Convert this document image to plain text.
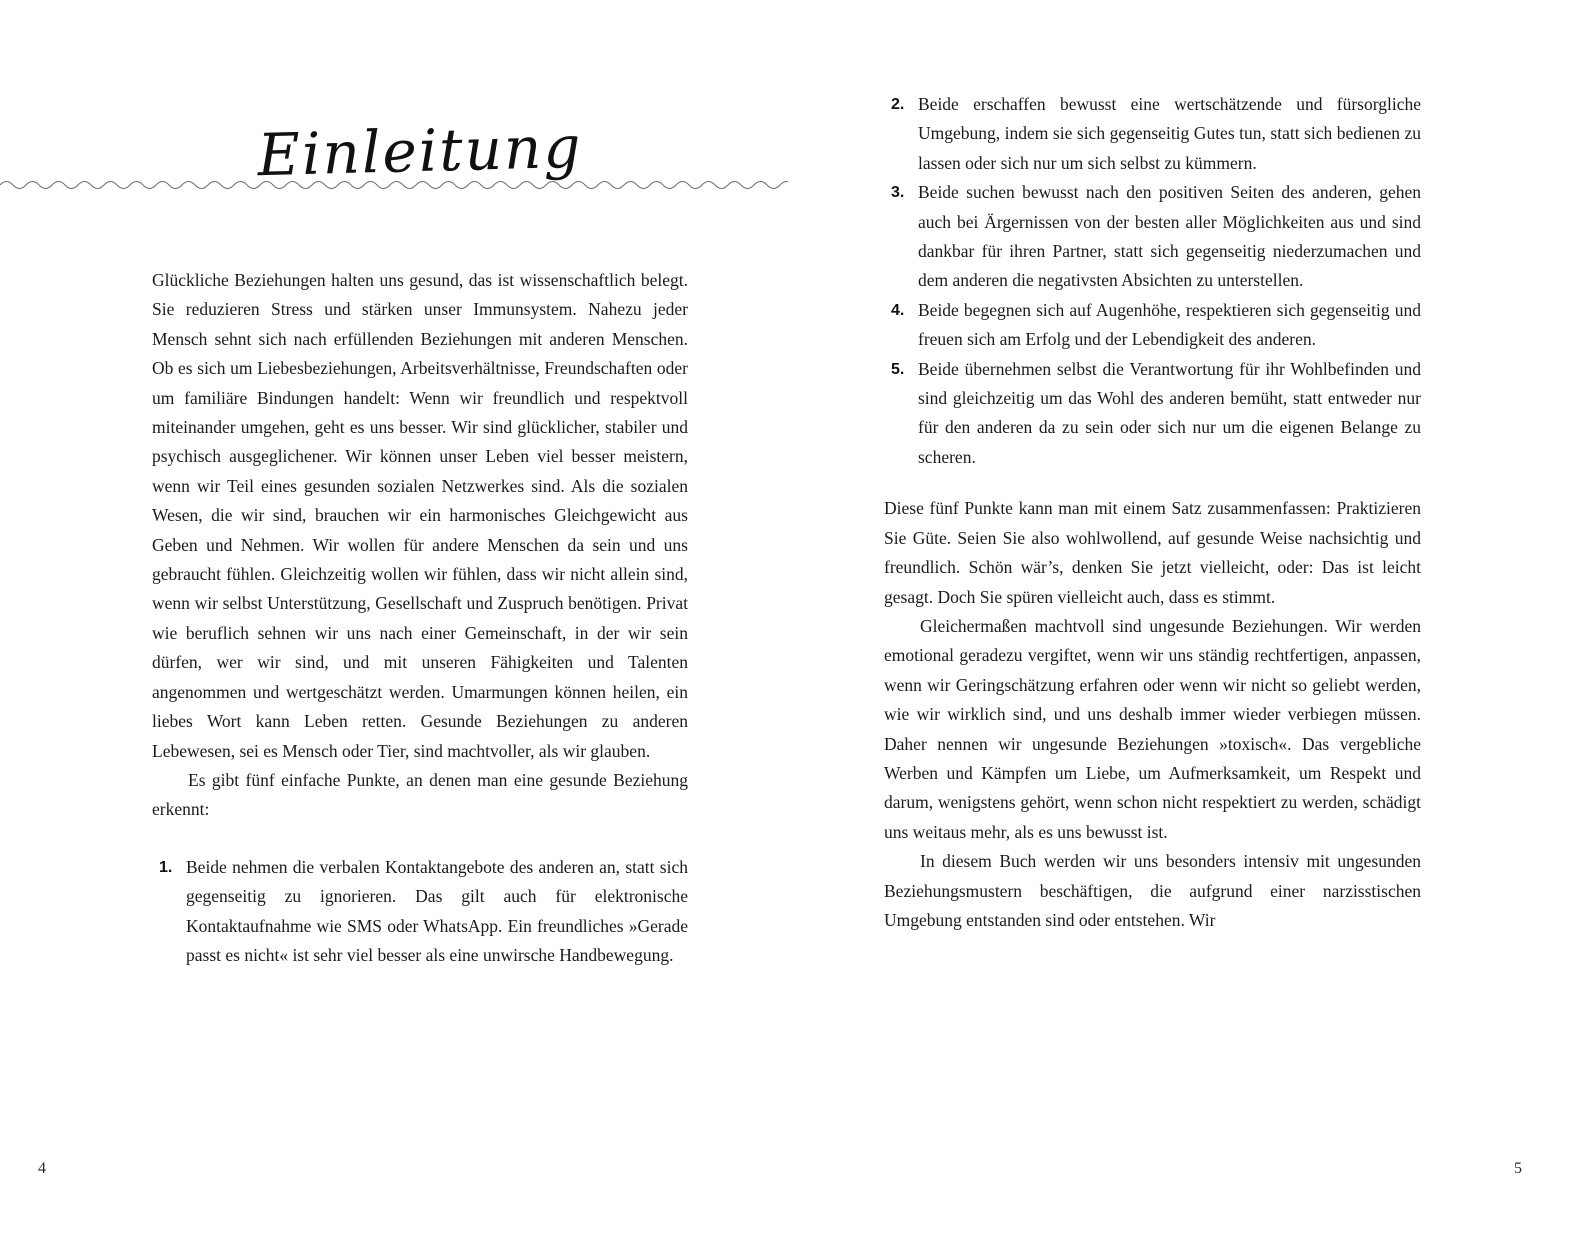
Einleitung

Glückliche Beziehungen halten uns gesund, das ist wissenschaftlich belegt. Sie reduzieren Stress und stärken unser Immunsystem. Nahezu jeder Mensch sehnt sich nach erfüllenden Beziehungen mit anderen Menschen. Ob es sich um Liebesbeziehungen, Arbeitsverhältnisse, Freundschaften oder um familiäre Bindungen handelt: Wenn wir freundlich und respektvoll miteinander umgehen, geht es uns besser. Wir sind glücklicher, stabiler und psychisch ausgeglichener. Wir können unser Leben viel besser meistern, wenn wir Teil eines gesunden sozialen Netzwerkes sind. Als die sozialen Wesen, die wir sind, brauchen wir ein harmonisches Gleichgewicht aus Geben und Nehmen. Wir wollen für andere Menschen da sein und uns gebraucht fühlen. Gleichzeitig wollen wir fühlen, dass wir nicht allein sind, wenn wir selbst Unterstützung, Gesellschaft und Zuspruch benötigen. Privat wie beruflich sehnen wir uns nach einer Gemeinschaft, in der wir sein dürfen, wer wir sind, und mit unseren Fähigkeiten und Talenten angenommen und wertgeschätzt werden. Umarmungen können heilen, ein liebes Wort kann Leben retten. Gesunde Beziehungen zu anderen Lebewesen, sei es Mensch oder Tier, sind machtvoller, als wir glauben.

Es gibt fünf einfache Punkte, an denen man eine gesunde Beziehung erkennt:

1. Beide nehmen die verbalen Kontaktangebote des anderen an, statt sich gegenseitig zu ignorieren. Das gilt auch für elektronische Kontaktaufnahme wie SMS oder WhatsApp. Ein freundliches »Gerade passt es nicht« ist sehr viel besser als eine unwirsche Handbewegung.
4
2. Beide erschaffen bewusst eine wertschätzende und fürsorgliche Umgebung, indem sie sich gegenseitig Gutes tun, statt sich bedienen zu lassen oder sich nur um sich selbst zu kümmern.
3. Beide suchen bewusst nach den positiven Seiten des anderen, gehen auch bei Ärgernissen von der besten aller Möglichkeiten aus und sind dankbar für ihren Partner, statt sich gegenseitig niederzumachen und dem anderen die negativsten Absichten zu unterstellen.
4. Beide begegnen sich auf Augenhöhe, respektieren sich gegenseitig und freuen sich am Erfolg und der Lebendigkeit des anderen.
5. Beide übernehmen selbst die Verantwortung für ihr Wohlbefinden und sind gleichzeitig um das Wohl des anderen bemüht, statt entweder nur für den anderen da zu sein oder sich nur um die eigenen Belange zu scheren.

Diese fünf Punkte kann man mit einem Satz zusammenfassen: Praktizieren Sie Güte. Seien Sie also wohlwollend, auf gesunde Weise nachsichtig und freundlich. Schön wär’s, denken Sie jetzt vielleicht, oder: Das ist leicht gesagt. Doch Sie spüren vielleicht auch, dass es stimmt.

Gleichermaßen machtvoll sind ungesunde Beziehungen. Wir werden emotional geradezu vergiftet, wenn wir uns ständig rechtfertigen, anpassen, wenn wir Geringschätzung erfahren oder wenn wir nicht so geliebt werden, wie wir wirklich sind, und uns deshalb immer wieder verbiegen müssen. Daher nennen wir ungesunde Beziehungen »toxisch«. Das vergebliche Werben und Kämpfen um Liebe, um Aufmerksamkeit, um Respekt und darum, wenigstens gehört, wenn schon nicht respektiert zu werden, schädigt uns weitaus mehr, als es uns bewusst ist.

In diesem Buch werden wir uns besonders intensiv mit ungesunden Beziehungsmustern beschäftigen, die aufgrund einer narzisstischen Umgebung entstanden sind oder entstehen. Wir

5
